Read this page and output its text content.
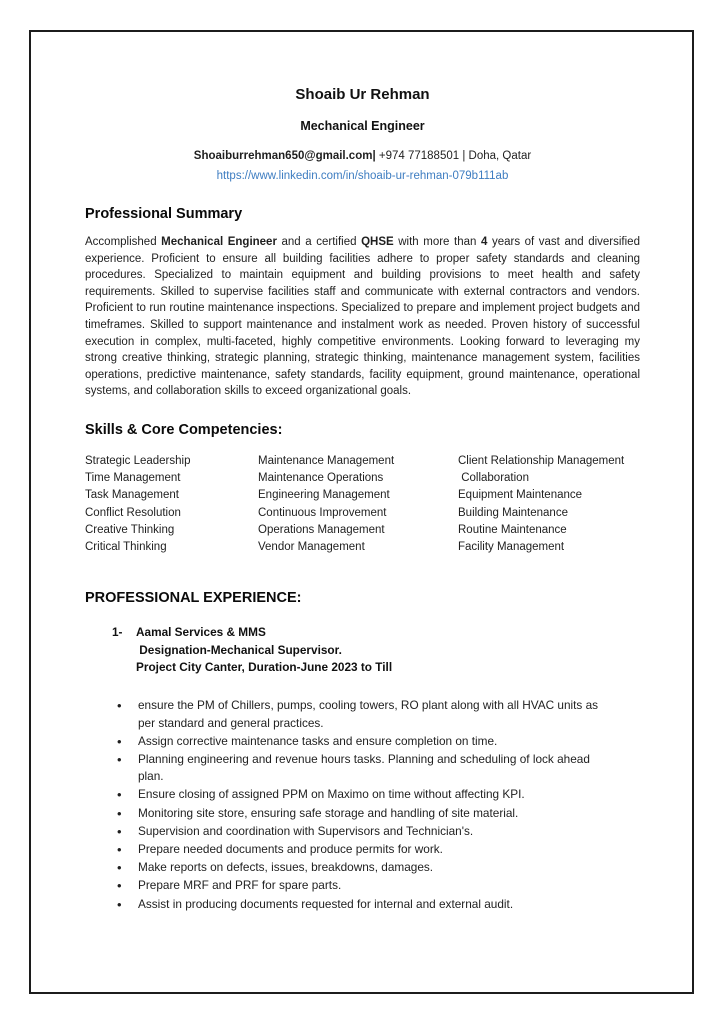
Shoaib Ur Rehman
Mechanical Engineer

Shoaiburrehman650@gmail.com| +974 77188501 | Doha, Qatar

https://www.linkedin.com/in/shoaib-ur-rehman-079b111ab

Professional Summary

Accomplished Mechanical Engineer and a certified QHSE with more than 4 years of vast and diversified experience. Proficient to ensure all building facilities adhere to proper safety standards and cleaning procedures. Specialized to maintain equipment and building provisions to meet health and safety requirements. Skilled to supervise facilities staff and communicate with external contractors and vendors. Proficient to run routine maintenance inspections. Specialized to prepare and implement project budgets and timeframes. Skilled to support maintenance and instalment work as needed. Proven history of successful execution in complex, multi-faceted, highly competitive environments. Looking forward to leveraging my strong creative thinking, strategic planning, strategic thinking, maintenance management system, facilities operations, predictive maintenance, safety standards, facility equipment, ground maintenance, operational systems, and collaboration skills to exceed organizational goals.

Skills & Core Competencies:
Strategic Leadership
Time Management
Task Management
Conflict Resolution
Creative Thinking
Critical Thinking
Maintenance Management
Maintenance Operations
Engineering Management
Continuous Improvement
Operations Management
Vendor Management
Client Relationship Management
Collaboration
Equipment Maintenance
Building Maintenance
Routine Maintenance
Facility Management
PROFESSIONAL EXPERIENCE:
1-	Aamal Services & MMS
Designation-Mechanical Supervisor.
Project City Canter, Duration-June 2023 to Till
• ensure the PM of Chillers, pumps, cooling towers, RO plant along with all HVAC units as per standard and general practices.
• Assign corrective maintenance tasks and ensure completion on time.
• Planning engineering and revenue hours tasks. Planning and scheduling of lock ahead plan.
• Ensure closing of assigned PPM on Maximo on time without affecting KPI.
• Monitoring site store, ensuring safe storage and handling of site material.
• Supervision and coordination with Supervisors and Technician's.
• Prepare needed documents and produce permits for work.
• Make reports on defects, issues, breakdowns, damages.
• Prepare MRF and PRF for spare parts.
• Assist in producing documents requested for internal and external audit.
